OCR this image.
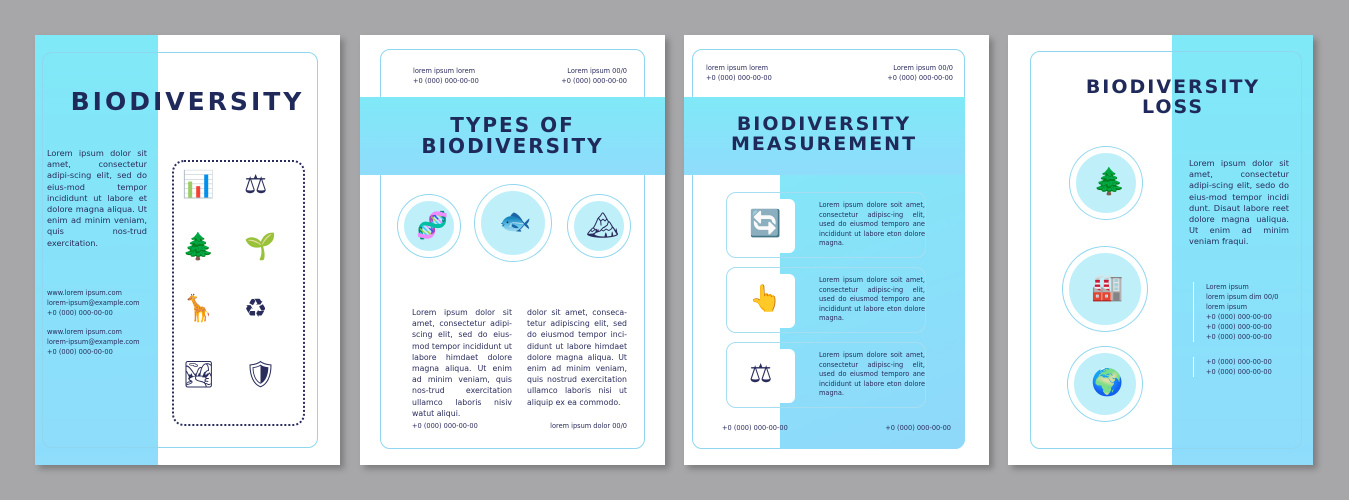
BIODIVERSITY
Lorem ipsum dolor sit amet, consectetur adipi-scing elit, sed do eius-mod tempor incididunt ut labore et dolore magna aliqua. Ut enim ad minim veniam, quis nos-trud exercitation.
www.lorem ipsum.com
lorem-ipsum@example.com
+0 (000) 000-00-00
www.lorem ipsum.com
lorem-ipsum@example.com
+0 (000) 000-00-00
📊 ⚖
🌲 🌱
🦒 ♻
🏞 🛡
lorem ipsum lorem
+0 (000) 000-00-00
Lorem ipsum 00/0
+0 (000) 000-00-00
TYPES OF BIODIVERSITY
🧬 🐟 🏔
Lorem ipsum dolor sit amet, consectetur adipi-scing elit, sed do eius-mod tempor incididunt ut labore himdaet dolore magna aliqua. Ut enim ad minim veniam, quis nos-trud exercitation ullamco laboris nisiv watut aliqui.
dolor sit amet, conseca-tetur adipiscing elit, sed do eiusmod tempor inci-didunt ut labore himdaet dolore magna aliqua. Ut enim ad minim veniam, quis nostrud exercitation ullamco laboris nisi ut aliquip ex ea commodo.
+0 (000) 000-00-00	lorem ipsum dolor 00/0
lorem ipsum lorem
+0 (000) 000-00-00
Lorem ipsum 00/0
+0 (000) 000-00-00
BIODIVERSITY MEASUREMENT
🔄
Lorem ipsum dolore soit amet, consectetur adipisc-ing elit, used do eiusmod temporo ane incididunt ut labore eton dolore magna.
👆
Lorem ipsum dolore soit amet, consectetur adipisc-ing elit, used do eiusmod temporo ane incididunt ut labore eton dolore magna.
⚖
Lorem ipsum dolore soit amet, consectetur adipisc-ing elit, used do eiusmod temporo ane incididunt ut labore eton dolore magna.
+0 (000) 000-00-00	+0 (000) 000-00-00
BIODIVERSITY LOSS
🌲
🏭
🌍
Lorem ipsum dolor sit amet, consectetur adipi-scing elit, sedo do eius-mod tempor incidi dunt. Disaut labore reet dolore magna ualiqua. Ut enim ad minim veniam fraqui.
Lorem ipsum
lorem ipsum dim 00/0
lorem ipsum
+0 (000) 000-00-00
+0 (000) 000-00-00
+0 (000) 000-00-00
+0 (000) 000-00-00
+0 (000) 000-00-00
